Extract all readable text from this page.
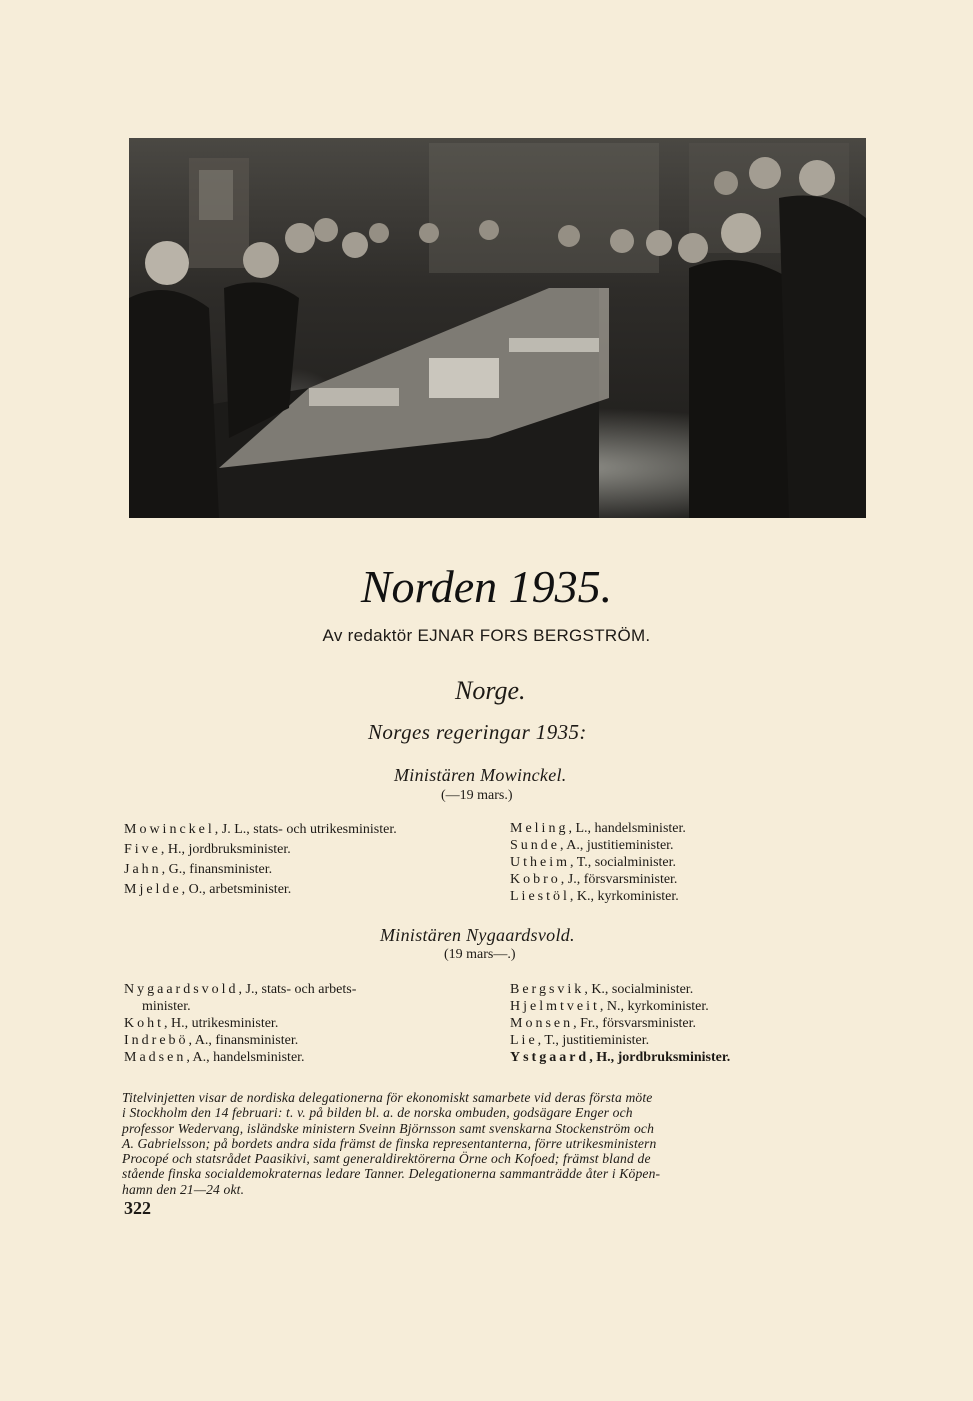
Norden 1935.
Av redaktör EJNAR FORS BERGSTRÖM.
Norge.
Norges regeringar 1935:
Ministären Mowinckel.
(—19 mars.)
Mowinckel, J. L., stats- och utrikesminister.
Five, H., jordbruksminister.
Jahn, G., finansminister.
Mjelde, O., arbetsminister.
Meling, L., handelsminister.
Sunde, A., justitieminister.
Utheim, T., socialminister.
Kobro, J., försvarsminister.
Liestöl, K., kyrkominister.
Ministären Nygaardsvold.
(19 mars—.)
Nygaardsvold, J., stats- och arbets-
minister.
Koht, H., utrikesminister.
Indrebö, A., finansminister.
Madsen, A., handelsminister.
Bergsvik, K., socialminister.
Hjelmtveit, N., kyrkominister.
Monsen, Fr., försvarsminister.
Lie, T., justitieminister.
Ystgaard, H., jordbruksminister.
Titelvinjetten visar de nordiska delegationerna för ekonomiskt samarbete vid deras första möte
i Stockholm den 14 februari: t. v. på bilden bl. a. de norska ombuden, godsägare Enger och
professor Wedervang, isländske ministern Sveinn Björnsson samt svenskarna Stockenström och
A. Gabrielsson; på bordets andra sida främst de finska representanterna, förre utrikesministern
Procopé och statsrådet Paasikivi, samt generaldirektörerna Örne och Kofoed; främst bland de
stående finska socialdemokraternas ledare Tanner. Delegationerna sammanträdde åter i Köpen-
hamn den 21—24 okt.
322
